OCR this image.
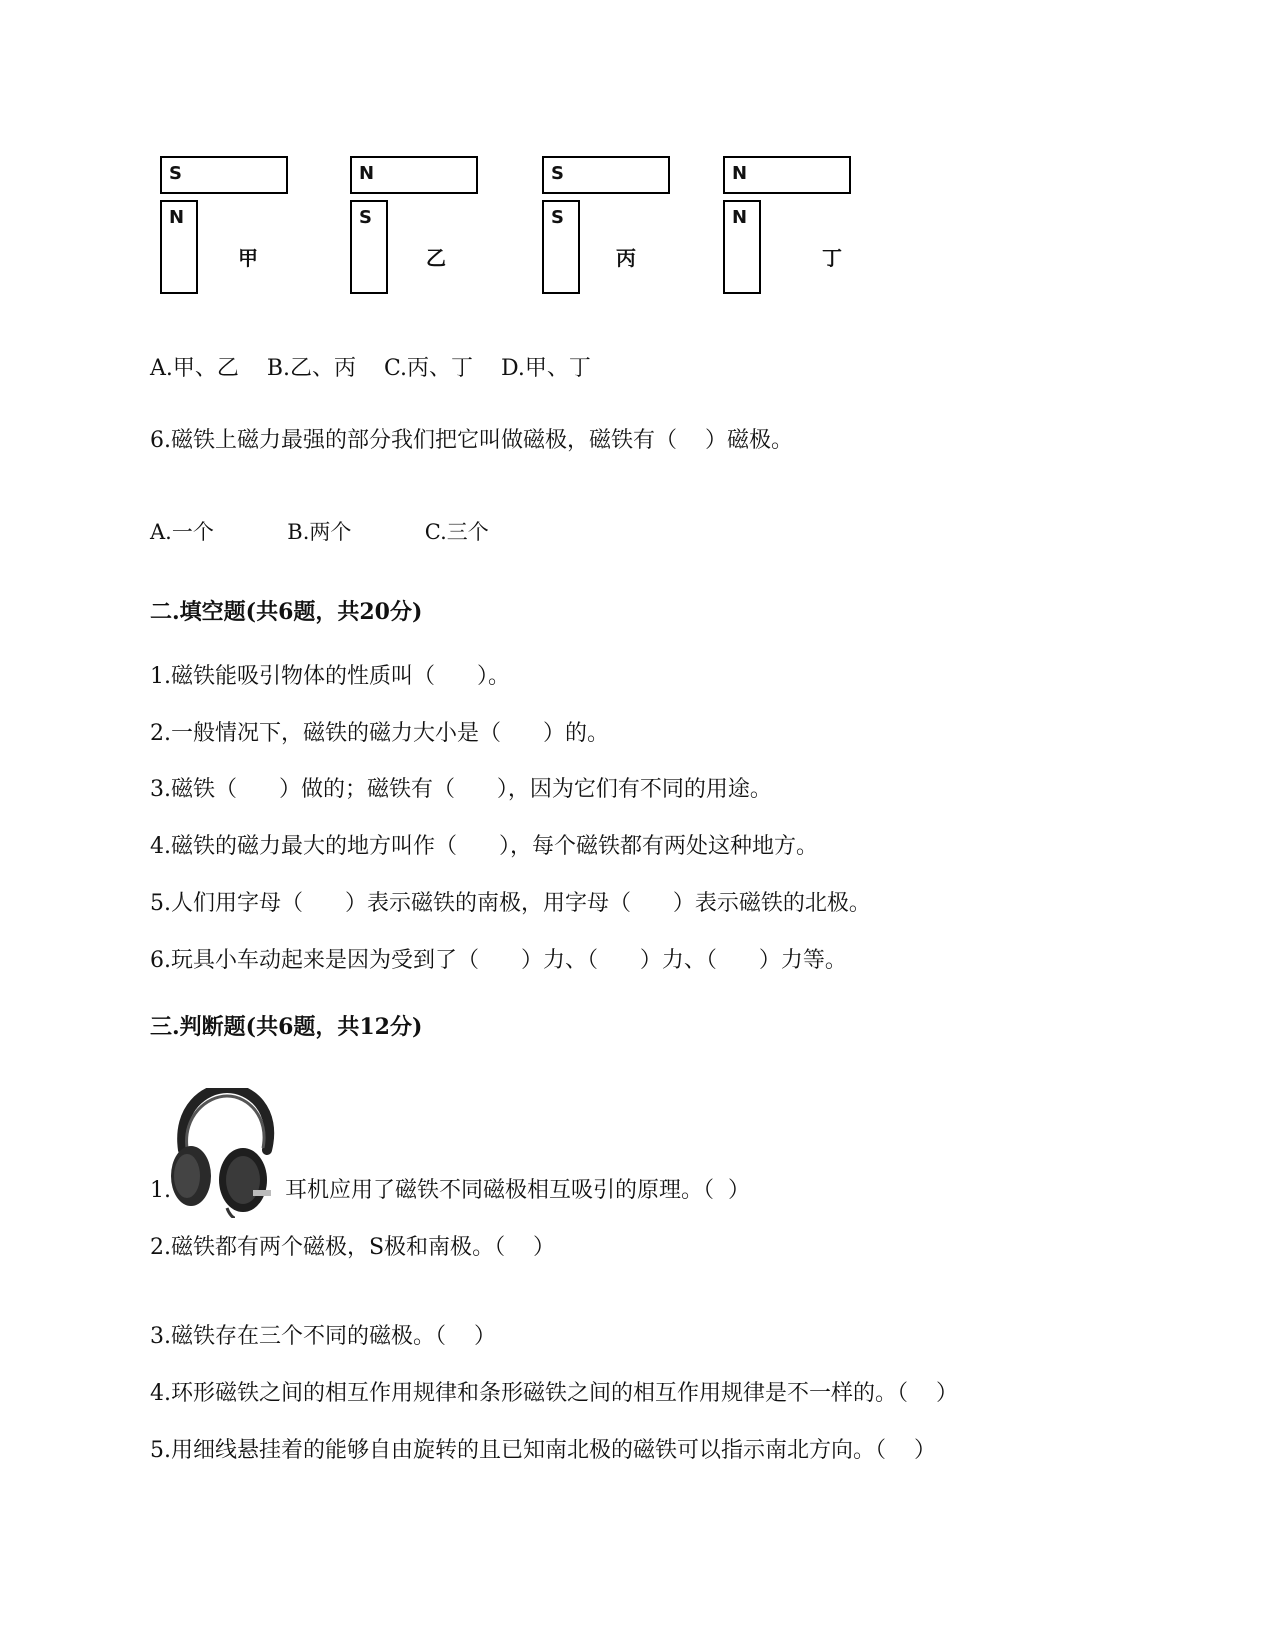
S
N
甲
N
S
乙
S
S
丙
N
N
丁
A.甲、乙    B.乙、丙    C.丙、丁    D.甲、丁
6.磁铁上磁力最强的部分我们把它叫做磁极，磁铁有（    ）磁极。
A.一个           B.两个           C.三个
二.填空题(共6题，共20分)
1.磁铁能吸引物体的性质叫（      ）。
2.一般情况下，磁铁的磁力大小是（      ）的。
3.磁铁（      ）做的；磁铁有（      ），因为它们有不同的用途。
4.磁铁的磁力最大的地方叫作（      ），每个磁铁都有两处这种地方。
5.人们用字母（      ）表示磁铁的南极，用字母（      ）表示磁铁的北极。
6.玩具小车动起来是因为受到了（      ）力、（      ）力、（      ）力等。
三.判断题(共6题，共12分)
1.	耳机应用了磁铁不同磁极相互吸引的原理。（  ）
2.磁铁都有两个磁极，S极和南极。（    ）
3.磁铁存在三个不同的磁极。（    ）
4.环形磁铁之间的相互作用规律和条形磁铁之间的相互作用规律是不一样的。（    ）
5.用细线悬挂着的能够自由旋转的且已知南北极的磁铁可以指示南北方向。（    ）
